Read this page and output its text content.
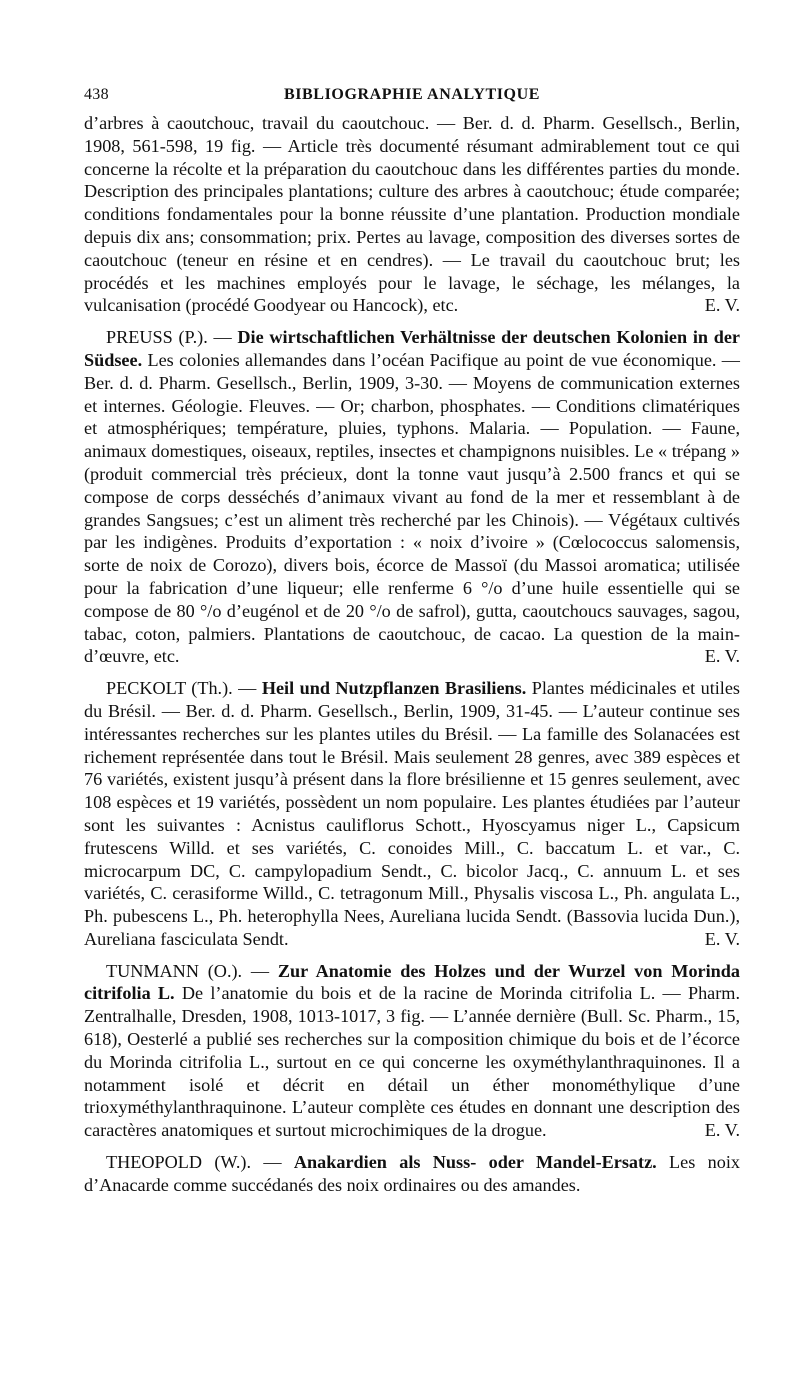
438	BIBLIOGRAPHIE ANALYTIQUE

d’arbres à caoutchouc, travail du caoutchouc. — Ber. d. d. Pharm. Gesellsch., Berlin, 1908, 561-598, 19 fig. — Article très documenté résumant admirablement tout ce qui concerne la récolte et la préparation du caoutchouc dans les différentes parties du monde. Description des principales plantations; culture des arbres à caoutchouc; étude comparée; conditions fondamentales pour la bonne réussite d’une plantation. Production mondiale depuis dix ans; consommation; prix. Pertes au lavage, composition des diverses sortes de caoutchouc (teneur en résine et en cendres). — Le travail du caoutchouc brut; les procédés et les machines employés pour le lavage, le séchage, les mélanges, la vulcanisation (procédé Goodyear ou Hancock), etc.	E. V.

PREUSS (P.). — Die wirtschaftlichen Verhältnisse der deutschen Kolonien in der Südsee. Les colonies allemandes dans l’océan Pacifique au point de vue économique. — Ber. d. d. Pharm. Gesellsch., Berlin, 1909, 3-30. — Moyens de communication externes et internes. Géologie. Fleuves. — Or; charbon, phosphates. — Conditions climatériques et atmosphériques; température, pluies, typhons. Malaria. — Population. — Faune, animaux domestiques, oiseaux, reptiles, insectes et champignons nuisibles. Le « trépang » (produit commercial très précieux, dont la tonne vaut jusqu’à 2.500 francs et qui se compose de corps desséchés d’animaux vivant au fond de la mer et ressemblant à de grandes Sangsues; c’est un aliment très recherché par les Chinois). — Végétaux cultivés par les indigènes. Produits d’exportation : « noix d’ivoire » (Cœlococcus salomensis, sorte de noix de Corozo), divers bois, écorce de Massoï (du Massoi aromatica; utilisée pour la fabrication d’une liqueur; elle renferme 6 °/o d’une huile essentielle qui se compose de 80 °/o d’eugénol et de 20 °/o de safrol), gutta, caoutchoucs sauvages, sagou, tabac, coton, palmiers. Plantations de caoutchouc, de cacao. La question de la main-d’œuvre, etc.	E. V.

PECKOLT (Th.). — Heil und Nutzpflanzen Brasiliens. Plantes médicinales et utiles du Brésil. — Ber. d. d. Pharm. Gesellsch., Berlin, 1909, 31-45. — L’auteur continue ses intéressantes recherches sur les plantes utiles du Brésil. — La famille des Solanacées est richement représentée dans tout le Brésil. Mais seulement 28 genres, avec 389 espèces et 76 variétés, existent jusqu’à présent dans la flore brésilienne et 15 genres seulement, avec 108 espèces et 19 variétés, possèdent un nom populaire. Les plantes étudiées par l’auteur sont les suivantes : Acnistus cauliflorus Schott., Hyoscyamus niger L., Capsicum frutescens Willd. et ses variétés, C. conoides Mill., C. baccatum L. et var., C. microcarpum DC, C. campylopadium Sendt., C. bicolor Jacq., C. annuum L. et ses variétés, C. cerasiforme Willd., C. tetragonum Mill., Physalis viscosa L., Ph. angulata L., Ph. pubescens L., Ph. heterophylla Nees, Aureliana lucida Sendt. (Bassovia lucida Dun.), Aureliana fasciculata Sendt.	E. V.

TUNMANN (O.). — Zur Anatomie des Holzes und der Wurzel von Morinda citrifolia L. De l’anatomie du bois et de la racine de Morinda citrifolia L. — Pharm. Zentralhalle, Dresden, 1908, 1013-1017, 3 fig. — L’année dernière (Bull. Sc. Pharm., 15, 618), Oesterlé a publié ses recherches sur la composition chimique du bois et de l’écorce du Morinda citrifolia L., surtout en ce qui concerne les oxyméthylanthraquinones. Il a notamment isolé et décrit en détail un éther monométhylique d’une trioxyméthylanthraquinone. L’auteur complète ces études en donnant une description des caractères anatomiques et surtout microchimiques de la drogue.	E. V.

THEOPOLD (W.). — Anakardien als Nuss- oder Mandel-Ersatz. Les noix d’Anacarde comme succédanés des noix ordinaires ou des amandes.
